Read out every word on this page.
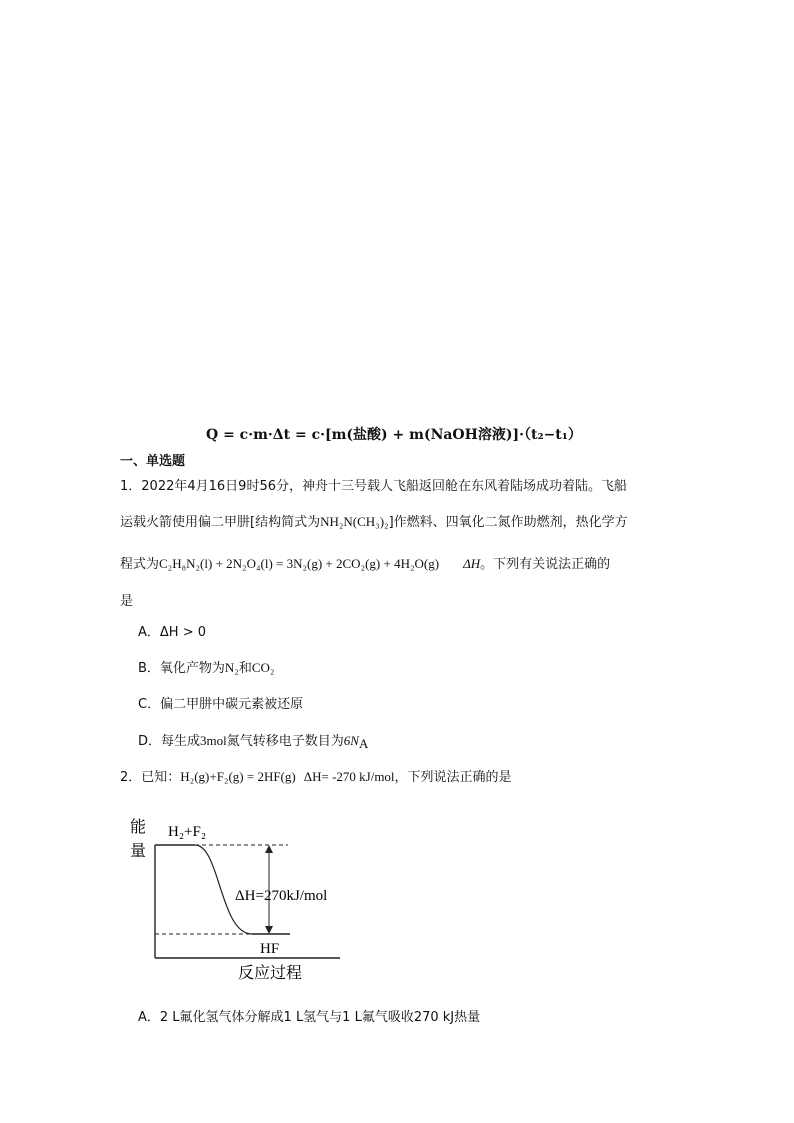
Q = c·m·Δt = c·[m(盐酸) + m(NaOH溶液)]·（t₂−t₁）
一、单选题
1．2022年4月16日9时56分，神舟十三号载人飞船返回舱在东风着陆场成功着陆。飞船
运载火箭使用偏二甲肼[结构简式为NH₂N(CH₃)₂]作燃料、四氧化二氮作助燃剂，热化学方
程式为C₂H₈N₂(l) + 2N₂O₄(l) = 3N₂(g) + 2CO₂(g) + 4H₂O(g) ΔH。下列有关说法正确的
是
A．ΔH > 0
B．氧化产物为N₂和CO₂
C．偏二甲肼中碳元素被还原
D．每生成3mol氮气转移电子数目为$6N_A$
2．已知：H₂(g)+F₂(g) = 2HF(g) ΔH= -270 kJ/mol，下列说法正确的是
能
量
H₂+F₂
ΔH=270kJ/mol
HF
反应过程
A．2 L氟化氢气体分解成1 L氢气与1 L氟气吸收270 kJ热量
